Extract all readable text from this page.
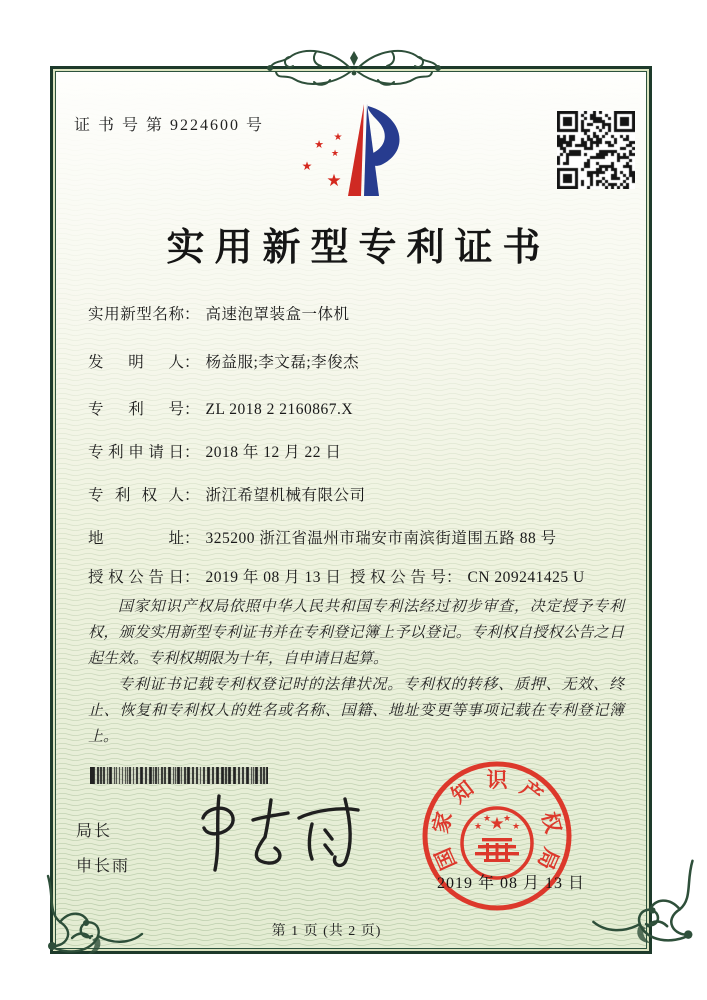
证 书 号 第 9224600 号
★
★
★
★
★
实用新型专利证书
实用新型名称： 高速泡罩装盒一体机
发明人： 杨益服;李文磊;李俊杰
专利号： ZL 2018 2 2160867.X
专利申请日： 2018 年 12 月 22 日
专利权人： 浙江希望机械有限公司
地址： 325200 浙江省温州市瑞安市南滨街道围五路 88 号
授权公告日： 2019 年 08 月 13 日 授权公告号： CN 209241425 U

国家知识产权局依照中华人民共和国专利法经过初步审查，决定授予专利权，颁发实用新型专利证书并在专利登记簿上予以登记。专利权自授权公告之日起生效。专利权期限为十年，自申请日起算。

专利证书记载专利权登记时的法律状况。专利权的转移、质押、无效、终止、恢复和专利权人的姓名或名称、国籍、地址变更等事项记载在专利登记簿上。

局长
申长雨
★
★
★ ★
★
国
家
知 识 产
权
局
2019 年 08 月 13 日
第 1 页 (共 2 页)
